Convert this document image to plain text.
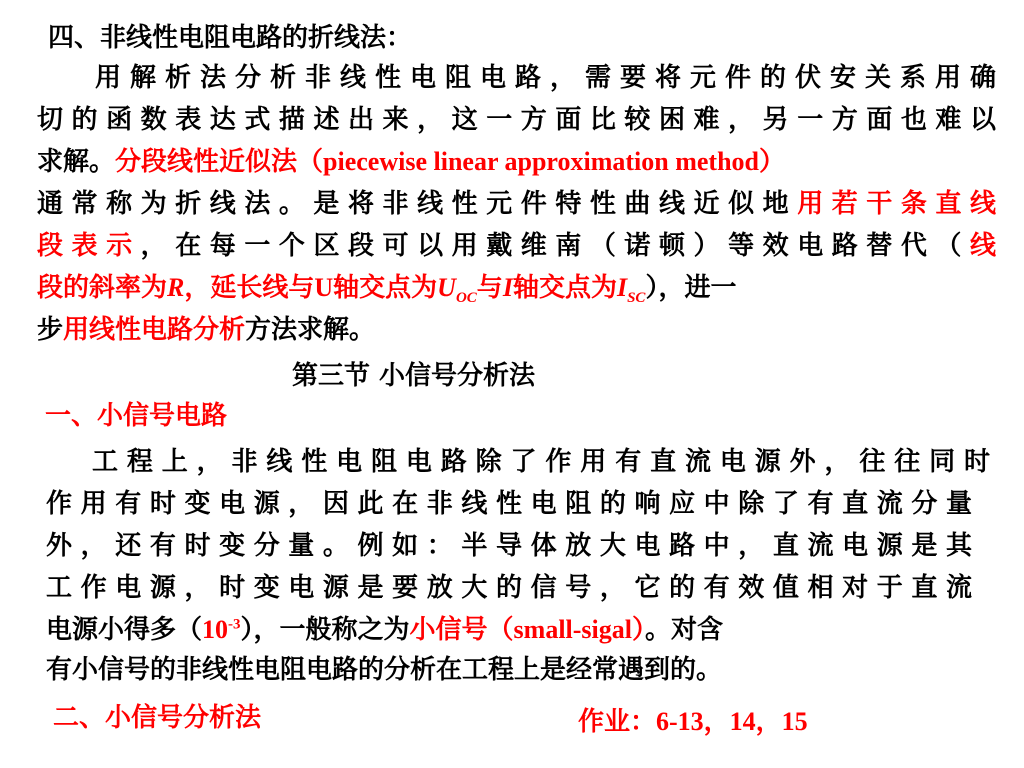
四、非线性电阻电路的折线法：
用解析法分析非线性电阻电路，需要将元件的伏安关系用确
切的函数表达式描述出来，这一方面比较困难，另一方面也难以
求解。分段线性近似法（piecewise linear approximation method）
通常称为折线法。是将非线性元件特性曲线近似地用若干条直线
段表示，在每一个区段可以用戴维南（诺顿）等效电路替代（线
段的斜率为R，延长线与U轴交点为$U_{OC}$与I轴交点为$I_{SC}$），进一
步用线性电路分析方法求解。
第三节 小信号分析法
一、小信号电路
工程上，非线性电阻电路除了作用有直流电源外，往往同时
作用有时变电源，因此在非线性电阻的响应中除了有直流分量
外，还有时变分量。例如：半导体放大电路中，直流电源是其
工作电源，时变电源是要放大的信号，它的有效值相对于直流
电源小得多$(10^{-3})$，一般称之为小信号（small-sigal）。对含
有小信号的非线性电阻电路的分析在工程上是经常遇到的。
二、小信号分析法	作业：6-13，14，15
